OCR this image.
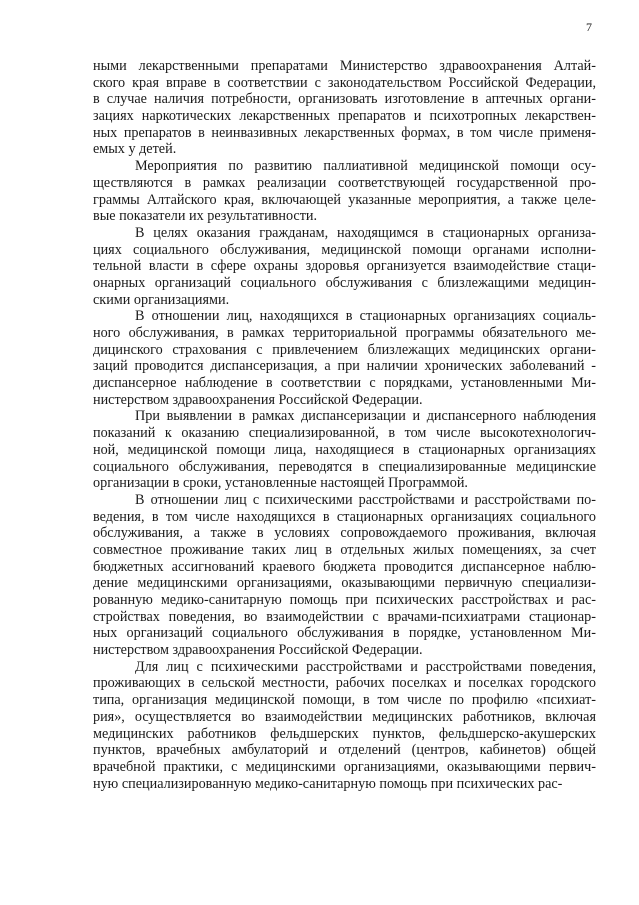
7
ными лекарственными препаратами Министерство здравоохранения Алтай-
ского края вправе в соответствии с законодательством Российской Федерации,
в случае наличия потребности, организовать изготовление в аптечных органи-
зациях наркотических лекарственных препаратов и психотропных лекарствен-
ных препаратов в неинвазивных лекарственных формах, в том числе применя-
емых у детей.
Мероприятия по развитию паллиативной медицинской помощи осу-
ществляются в рамках реализации соответствующей государственной про-
граммы Алтайского края, включающей указанные мероприятия, а также целе-
вые показатели их результативности.
В целях оказания гражданам, находящимся в стационарных организа-
циях социального обслуживания, медицинской помощи органами исполни-
тельной власти в сфере охраны здоровья организуется взаимодействие стаци-
онарных организаций социального обслуживания с близлежащими медицин-
скими организациями.
В отношении лиц, находящихся в стационарных организациях социаль-
ного обслуживания, в рамках территориальной программы обязательного ме-
дицинского страхования с привлечением близлежащих медицинских органи-
заций проводится диспансеризация, а при наличии хронических заболеваний -
диспансерное наблюдение в соответствии с порядками, установленными Ми-
нистерством здравоохранения Российской Федерации.
При выявлении в рамках диспансеризации и диспансерного наблюдения
показаний к оказанию специализированной, в том числе высокотехнологич-
ной, медицинской помощи лица, находящиеся в стационарных организациях
социального обслуживания, переводятся в специализированные медицинские
организации в сроки, установленные настоящей Программой.
В отношении лиц с психическими расстройствами и расстройствами по-
ведения, в том числе находящихся в стационарных организациях социального
обслуживания, а также в условиях сопровождаемого проживания, включая
совместное проживание таких лиц в отдельных жилых помещениях, за счет
бюджетных ассигнований краевого бюджета проводится диспансерное наблю-
дение медицинскими организациями, оказывающими первичную специализи-
рованную медико-санитарную помощь при психических расстройствах и рас-
стройствах поведения, во взаимодействии с врачами-психиатрами стационар-
ных организаций социального обслуживания в порядке, установленном Ми-
нистерством здравоохранения Российской Федерации.
Для лиц с психическими расстройствами и расстройствами поведения,
проживающих в сельской местности, рабочих поселках и поселках городского
типа, организация медицинской помощи, в том числе по профилю «психиат-
рия», осуществляется во взаимодействии медицинских работников, включая
медицинских работников фельдшерских пунктов, фельдшерско-акушерских
пунктов, врачебных амбулаторий и отделений (центров, кабинетов) общей
врачебной практики, с медицинскими организациями, оказывающими первич-
ную специализированную медико-санитарную помощь при психических рас-
